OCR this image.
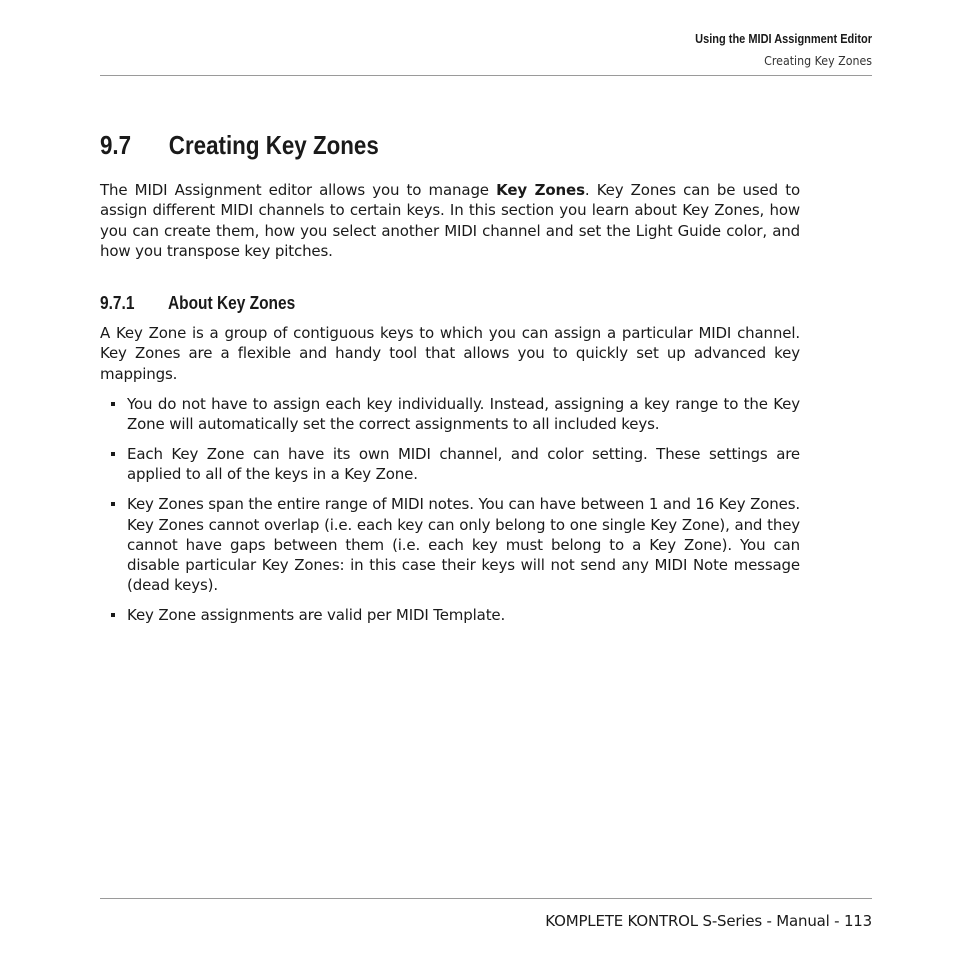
Using the MIDI Assignment Editor
Creating Key Zones
9.7	Creating Key Zones

The MIDI Assignment editor allows you to manage Key Zones. Key Zones can be used to assign different MIDI channels to certain keys. In this section you learn about Key Zones, how you can create them, how you select another MIDI channel and set the Light Guide color, and how you transpose key pitches.

9.7.1	About Key Zones

A Key Zone is a group of contiguous keys to which you can assign a particular MIDI channel. Key Zones are a flexible and handy tool that allows you to quickly set up advanced key mappings.

You do not have to assign each key individually. Instead, assigning a key range to the Key Zone will automatically set the correct assignments to all included keys.
Each Key Zone can have its own MIDI channel, and color setting. These settings are applied to all of the keys in a Key Zone.
Key Zones span the entire range of MIDI notes. You can have between 1 and 16 Key Zones. Key Zones cannot overlap (i.e. each key can only belong to one single Key Zone), and they cannot have gaps between them (i.e. each key must belong to a Key Zone). You can disable particular Key Zones: in this case their keys will not send any MIDI Note message (dead keys).
Key Zone assignments are valid per MIDI Template.
KOMPLETE KONTROL S-Series - Manual - 113
